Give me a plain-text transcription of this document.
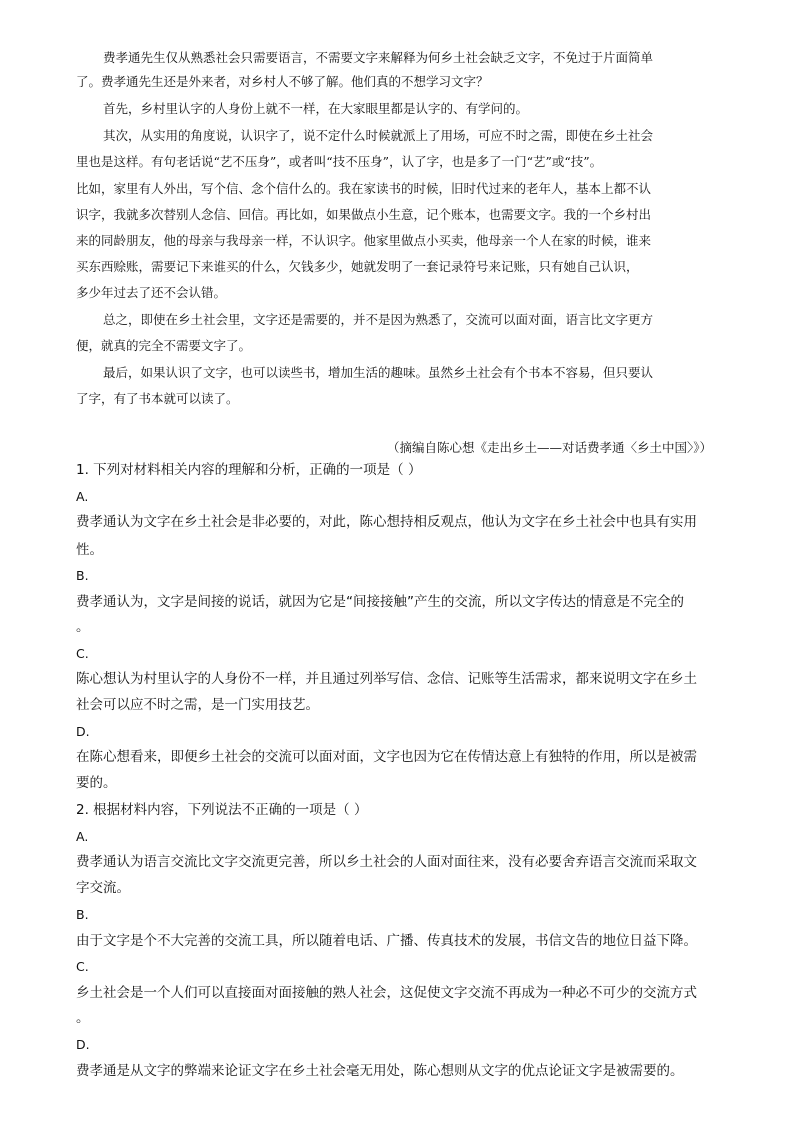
费孝通先生仅从熟悉社会只需要语言，不需要文字来解释为何乡土社会缺乏文字，不免过于片面简单
了。费孝通先生还是外来者，对乡村人不够了解。他们真的不想学习文字？
首先，乡村里认字的人身份上就不一样，在大家眼里都是认字的、有学问的。
其次，从实用的角度说，认识字了，说不定什么时候就派上了用场，可应不时之需，即使在乡土社会
里也是这样。有句老话说“艺不压身”，或者叫“技不压身”，认了字，也是多了一门“艺”或“技”。
比如，家里有人外出，写个信、念个信什么的。我在家读书的时候，旧时代过来的老年人，基本上都不认
识字，我就多次替别人念信、回信。再比如，如果做点小生意，记个账本，也需要文字。我的一个乡村出
来的同龄朋友，他的母亲与我母亲一样，不认识字。他家里做点小买卖，他母亲一个人在家的时候，谁来
买东西赊账，需要记下来谁买的什么，欠钱多少，她就发明了一套记录符号来记账，只有她自己认识，
多少年过去了还不会认错。
总之，即使在乡土社会里，文字还是需要的，并不是因为熟悉了，交流可以面对面，语言比文字更方
便，就真的完全不需要文字了。
最后，如果认识了文字，也可以读些书，增加生活的趣味。虽然乡土社会有个书本不容易，但只要认
了字，有了书本就可以读了。
（摘编自陈心想《走出乡土——对话费孝通〈乡土中国〉》）
1. 下列对材料相关内容的理解和分析，正确的一项是（ ）
A.
费孝通认为文字在乡土社会是非必要的，对此，陈心想持相反观点，他认为文字在乡土社会中也具有实用
性。
B.
费孝通认为，文字是间接的说话，就因为它是“间接接触”产生的交流，所以文字传达的情意是不完全的
。
C.
陈心想认为村里认字的人身份不一样，并且通过列举写信、念信、记账等生活需求，都来说明文字在乡土
社会可以应不时之需，是一门实用技艺。
D.
在陈心想看来，即便乡土社会的交流可以面对面，文字也因为它在传情达意上有独特的作用，所以是被需
要的。
2. 根据材料内容，下列说法不正确的一项是（ ）
A.
费孝通认为语言交流比文字交流更完善，所以乡土社会的人面对面往来，没有必要舍弃语言交流而采取文
字交流。
B.
由于文字是个不大完善的交流工具，所以随着电话、广播、传真技术的发展，书信文告的地位日益下降。
C.
乡土社会是一个人们可以直接面对面接触的熟人社会，这促使文字交流不再成为一种必不可少的交流方式
。
D.
费孝通是从文字的弊端来论证文字在乡土社会毫无用处，陈心想则从文字的优点论证文字是被需要的。
